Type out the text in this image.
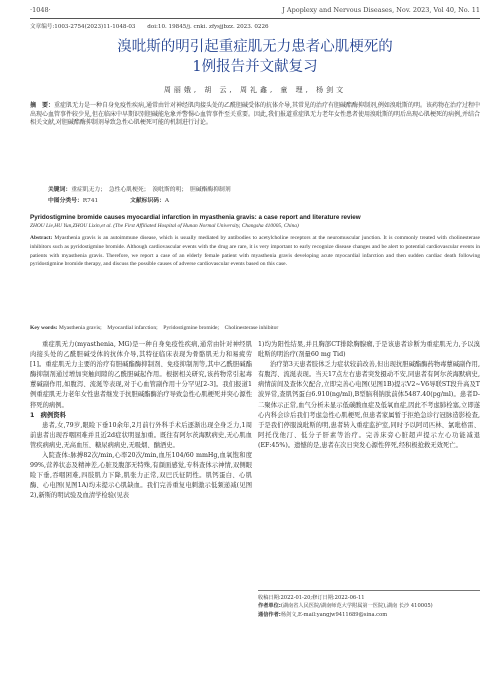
·1048·	J Apoplexy and Nervous Diseases, Nov. 2023, Vol 40, No. 11
文章编号:1003-2754(2023)11-1048-03 doi:10. 19845/j. cnki. zfysjjbzz. 2023. 0226
溴吡斯的明引起重症肌无力患者心肌梗死的
1例报告并文献复习
周丽娥, 胡 云, 周礼鑫, 童 理, 杨剑文
摘　要：重症肌无力是一种自身免疫性疾病,通常由针对神经肌肉接头处的乙酰胆碱受体的抗体介导,其常见的治疗有胆碱酯酶抑制剂,例如溴吡斯的明。该药物在治疗过程中出现心血管事件较少见,但在临床中早期识别胆碱能危象并警惕心血管事件至关重要。因此,我们报道重症肌无力老年女性患者使用溴吡斯的明后出现心肌梗死的病例,并结合相关文献,对胆碱酯酶抑制剂导致急性心肌梗死可能的机制进行讨论。
关键词：重症肌无力；　急性心肌梗死；　溴吡斯的明；　胆碱酯酶抑制剂
中图分类号：R741	文献标识码：A
Pyridostigmine bromide causes myocardial infarction in myasthenia gravis: a case report and literature review
ZHOU Lie,HU Yun,ZHOU Lixin,et al. (The First Affiliated Hospital of Hunan Normal University, Changsha 410005, China)
Abstract: Myasthenia gravis is an autoimmune disease, which is usually mediated by antibodies to acetylcholine receptors at the neuromuscular junction. It is commonly treated with cholinesterase inhibitors such as pyridostigmine bromide. Although cardiovascular events with the drug are rare, it is very important to early recognize disease changes and be alert to potential cardiovascular events in patients with myasthenia gravis. Therefore, we report a case of an elderly female patient with myasthenia gravis developing acute myocardial infarction and then sudden cardiac death following pyridostigmine bromide therapy, and discuss the possible causes of adverse cardiovascular events based on this case.
Key words: Myasthenia gravis;　Myocardial infarction;　Pyridostigmine bromide;　Cholinesterase inhibitor

重症肌无力(myasthenia, MG)是一种自身免疫性疾病,通常由针对神经肌肉接头处的乙酰胆碱受体的抗体介导,其特征临床表现为骨骼肌无力和易疲劳[1]。重症肌无力主要的治疗有胆碱酯酶抑制剂、免疫抑制剂等,其中乙酰胆碱酯酶抑制剂通过增加突触间隙的乙酰胆碱起作用。根据相关研究,该药物常引起毒蕈碱副作用,如腹泻、流涎等表现,对于心血管副作用十分罕见[2-3]。我们报道1例重症肌无力老年女性患者继发于抗胆碱酯酶治疗导致急性心肌梗死并突心源性猝死的病例。

1　病例资料

患者,女,79岁,眼睑下垂10余年,2月前行外科手术后逐渐出现全身乏力,1周前患者出现吞咽困难并且近2d症状明显加重。既往有阿尔茨海默病史,无心肌血管疾病病史,无高血压、糖尿病病史,无吸烟、酗酒史。

入院查体:脉搏82次/min,心率20次/min,血压104/60 mmHg,血氧饱和度99%,营养状态及精神差,心脏及腹部无特殊,有颜面感觉,专科查体示神情,双侧眼睑下垂,吞咽困难,四肢肌力下降,肌张力正常,双巴氏征阴性。肌钙蛋白、心肌酶、心电图(见图1A)均未提示心肌缺血。我们完善重复电刺激示低频递减(见图2),新斯的明试验及血清学检验(见表

1)均为阳性结果,并且胸部CT排除胸腺瘤,于是该患者诊断为重症肌无力,予以溴吡斯的明治疗(剂量60 mg Tid)

治疗第3天患者肢体乏力症状较前改善,但出现抗胆碱酯酶药物毒蕈碱副作用,有腹泻、流涎表现。当天17点左右患者突发摄动不安,同患者有阿尔茨海默病史,病情前间及查体欠配合,立即完善心电图(见图1B)提示V2~V6导联ST段升高及T波异常,查肌钙蛋白6.910(ng/ml),B型脑利钠肽前体5487.40(pg/ml)。患者D-二聚体示正常,血气分析未显示低碳酸血症及低氧血症,因此不考虑肺栓塞,立即遂心内科会诊后我们考虑急性心肌梗死,但患者家属暂于拒绝急诊行冠脉造影检查,于是我们停服溴吡斯的明,患者转入重症监护室,同时予以阿司匹林、氯吡格雷、阿托伐他汀、低分子肝素等治疗。完善床旁心脏超声提示左心功能减退(EF:45%)。遗憾的是,患者在次日突发心源性猝死,经积极抢救无效死亡。

收稿日期:2022-01-20;修订日期:2022-06-11
作者单位:(湖南省人民医院/湖南师范大学附属第一医院),湖南 长沙 410005)
通信作者:杨剑文,E-mail:yangjw9411689@sina.com
